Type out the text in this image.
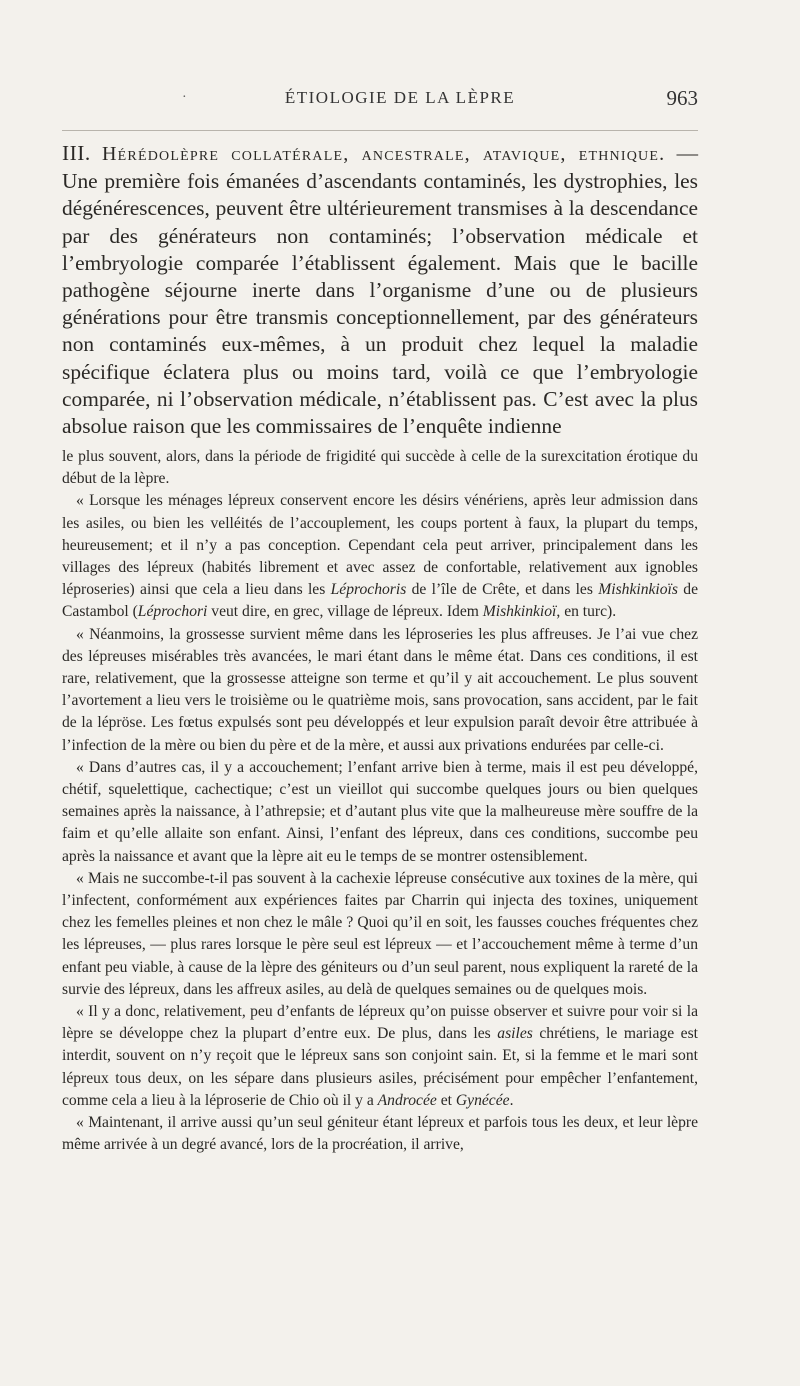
·	ÉTIOLOGIE DE LA LÈPRE	963

III. Hérédolèpre collatérale, ancestrale, atavique, ethnique. — Une première fois émanées d’ascendants contaminés, les dystrophies, les dégénérescences, peuvent être ultérieurement transmises à la descendance par des générateurs non contaminés; l’observation médicale et l’embryologie comparée l’établissent également. Mais que le bacille pathogène séjourne inerte dans l’organisme d’une ou de plusieurs générations pour être transmis conceptionnellement, par des générateurs non contaminés eux-mêmes, à un produit chez lequel la maladie spécifique éclatera plus ou moins tard, voilà ce que l’embryologie comparée, ni l’observation médicale, n’établissent pas. C’est avec la plus absolue raison que les commissaires de l’enquête indienne

le plus souvent, alors, dans la période de frigidité qui succède à celle de la surexcitation érotique du début de la lèpre.

« Lorsque les ménages lépreux conservent encore les désirs vénériens, après leur admission dans les asiles, ou bien les velléités de l’accouplement, les coups portent à faux, la plupart du temps, heureusement; et il n’y a pas conception. Cependant cela peut arriver, principalement dans les villages des lépreux (habités librement et avec assez de confortable, relativement aux ignobles léproseries) ainsi que cela a lieu dans les Léprochoris de l’île de Crête, et dans les Mishkinkioïs de Castambol (Léprochori veut dire, en grec, village de lépreux. Idem Mishkinkioï, en turc).

« Néanmoins, la grossesse survient même dans les léproseries les plus affreuses. Je l’ai vue chez des lépreuses misérables très avancées, le mari étant dans le même état. Dans ces conditions, il est rare, relativement, que la grossesse atteigne son terme et qu’il y ait accouchement. Le plus souvent l’avortement a lieu vers le troisième ou le quatrième mois, sans provocation, sans accident, par le fait de la lépröse. Les fœtus expulsés sont peu développés et leur expulsion paraît devoir être attribuée à l’infection de la mère ou bien du père et de la mère, et aussi aux privations endurées par celle-ci.

« Dans d’autres cas, il y a accouchement; l’enfant arrive bien à terme, mais il est peu développé, chétif, squelettique, cachectique; c’est un vieillot qui succombe quelques jours ou bien quelques semaines après la naissance, à l’athrepsie; et d’autant plus vite que la malheureuse mère souffre de la faim et qu’elle allaite son enfant. Ainsi, l’enfant des lépreux, dans ces conditions, succombe peu après la naissance et avant que la lèpre ait eu le temps de se montrer ostensiblement.

« Mais ne succombe-t-il pas souvent à la cachexie lépreuse consécutive aux toxines de la mère, qui l’infectent, conformément aux expériences faites par Charrin qui injecta des toxines, uniquement chez les femelles pleines et non chez le mâle ? Quoi qu’il en soit, les fausses couches fréquentes chez les lépreuses, — plus rares lorsque le père seul est lépreux — et l’accouchement même à terme d’un enfant peu viable, à cause de la lèpre des géniteurs ou d’un seul parent, nous expliquent la rareté de la survie des lépreux, dans les affreux asiles, au delà de quelques semaines ou de quelques mois.

« Il y a donc, relativement, peu d’enfants de lépreux qu’on puisse observer et suivre pour voir si la lèpre se développe chez la plupart d’entre eux. De plus, dans les asiles chrétiens, le mariage est interdit, souvent on n’y reçoit que le lépreux sans son conjoint sain. Et, si la femme et le mari sont lépreux tous deux, on les sépare dans plusieurs asiles, précisément pour empêcher l’enfantement, comme cela a lieu à la léproserie de Chio où il y a Androcée et Gynécée.

« Maintenant, il arrive aussi qu’un seul géniteur étant lépreux et parfois tous les deux, et leur lèpre même arrivée à un degré avancé, lors de la procréation, il arrive,
